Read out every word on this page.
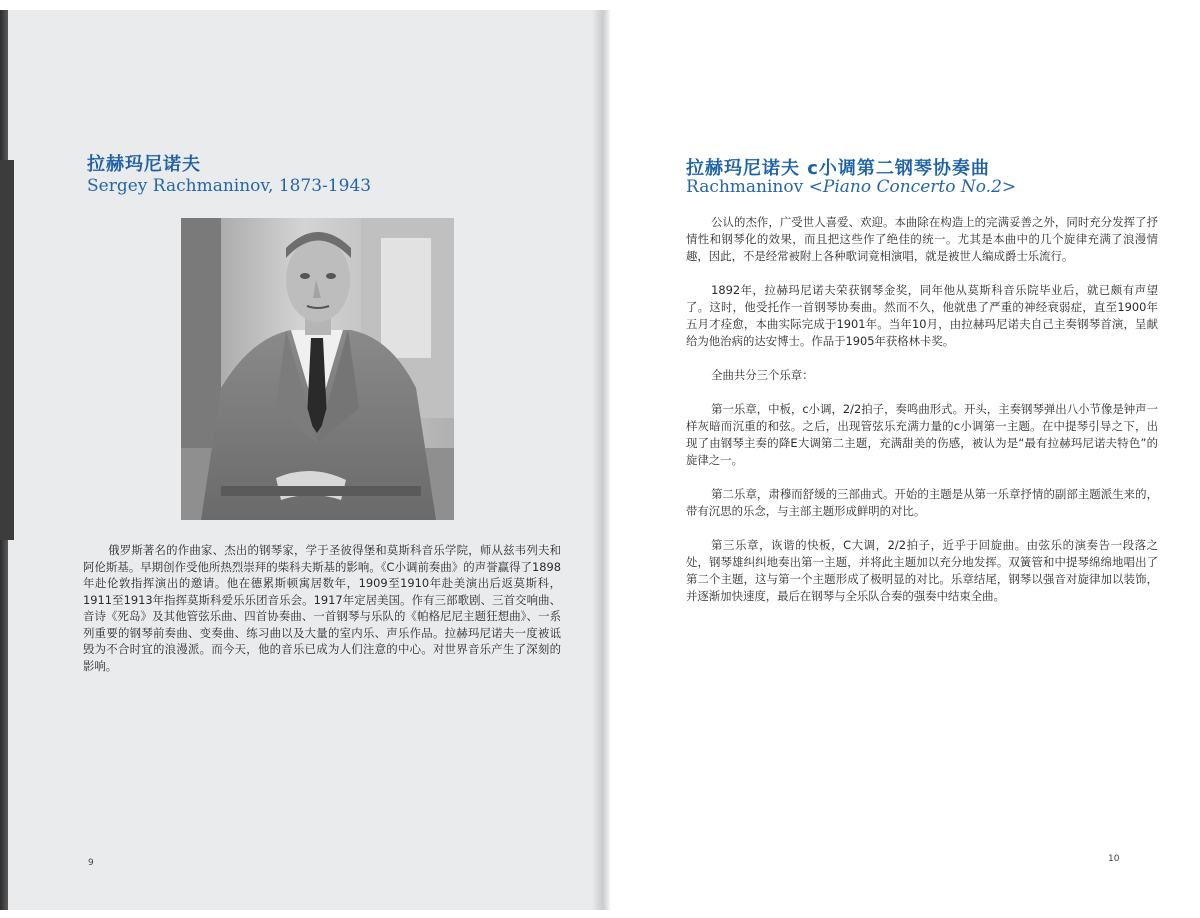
拉赫玛尼诺夫
Sergey Rachmaninov, 1873-1943

俄罗斯著名的作曲家、杰出的钢琴家，学于圣彼得堡和莫斯科音乐学院，师从兹韦列夫和阿伦斯基。早期创作受他所热烈崇拜的柴科夫斯基的影响。《C小调前奏曲》的声誉赢得了1898年赴伦敦指挥演出的邀请。他在德累斯顿寓居数年，1909至1910年赴美演出后返莫斯科，1911至1913年指挥莫斯科爱乐乐团音乐会。1917年定居美国。作有三部歌剧、三首交响曲、音诗《死岛》及其他管弦乐曲、四首协奏曲、一首钢琴与乐队的《帕格尼尼主题狂想曲》、一系列重要的钢琴前奏曲、变奏曲、练习曲以及大量的室内乐、声乐作品。拉赫玛尼诺夫一度被诋毁为不合时宜的浪漫派。而今天，他的音乐已成为人们注意的中心。对世界音乐产生了深刻的影响。

9
拉赫玛尼诺夫 c小调第二钢琴协奏曲
Rachmaninov <Piano Concerto No.2>

公认的杰作，广受世人喜爱、欢迎。本曲除在构造上的完满妥善之外，同时充分发挥了抒情性和钢琴化的效果，而且把这些作了绝佳的统一。尤其是本曲中的几个旋律充满了浪漫情趣，因此，不是经常被附上各种歌词竟相演唱，就是被世人编成爵士乐流行。

1892年，拉赫玛尼诺夫荣获钢琴金奖，同年他从莫斯科音乐院毕业后，就已颇有声望了。这时，他受托作一首钢琴协奏曲。然而不久，他就患了严重的神经衰弱症，直至1900年五月才痊愈，本曲实际完成于1901年。当年10月，由拉赫玛尼诺夫自己主奏钢琴首演，呈献给为他治病的达安博士。作品于1905年获格林卡奖。

全曲共分三个乐章：

第一乐章，中板，c小调，2/2拍子，奏鸣曲形式。开头，主奏钢琴弹出八小节像是钟声一样灰暗而沉重的和弦。之后，出现管弦乐充满力量的c小调第一主题。在中提琴引导之下，出现了由钢琴主奏的降E大调第二主题，充满甜美的伤感，被认为是“最有拉赫玛尼诺夫特色”的旋律之一。

第二乐章，肃穆而舒缓的三部曲式。开始的主题是从第一乐章抒情的副部主题派生来的，带有沉思的乐念，与主部主题形成鲜明的对比。

第三乐章，诙谐的快板，C大调，2/2拍子，近乎于回旋曲。由弦乐的演奏告一段落之处，钢琴雄纠纠地奏出第一主题，并将此主题加以充分地发挥。双簧管和中提琴绵绵地唱出了第二个主题，这与第一个主题形成了极明显的对比。乐章结尾，钢琴以强音对旋律加以装饰，并逐渐加快速度，最后在钢琴与全乐队合奏的强奏中结束全曲。

10
